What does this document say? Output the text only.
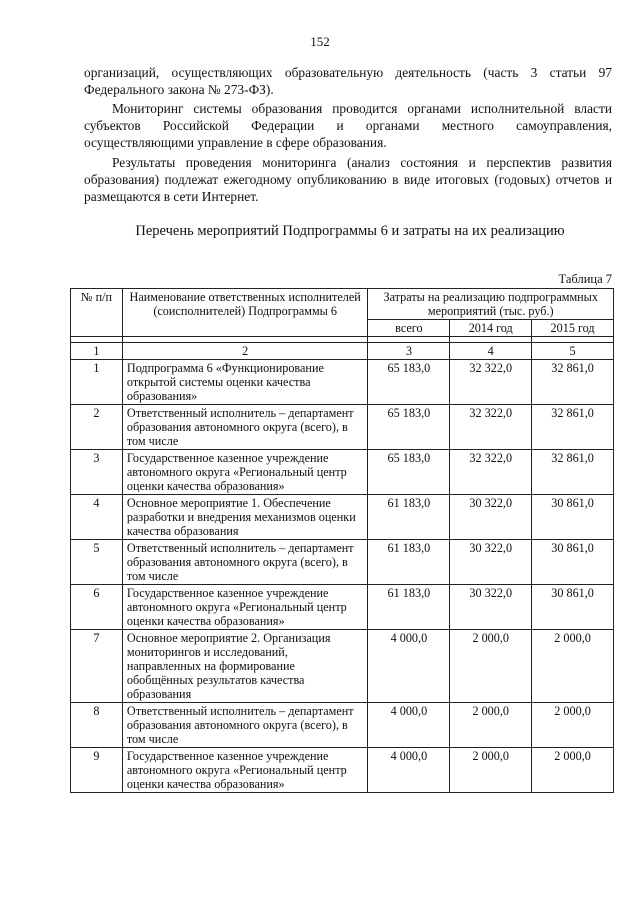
152
организаций, осуществляющих образовательную деятельность (часть 3 статьи 97 Федерального закона № 273-ФЗ).
Мониторинг системы образования проводится органами исполнительной власти субъектов Российской Федерации и органами местного самоуправления, осуществляющими управление в сфере образования.
Результаты проведения мониторинга (анализ состояния и перспектив развития образования) подлежат ежегодному опубликованию в виде итоговых (годовых) отчетов и размещаются в сети Интернет.
Перечень мероприятий Подпрограммы 6 и затраты на их реализацию
Таблица 7
№ п/п	Наименование ответственных исполнителей (соисполнителей) Подпрограммы 6	Затраты на реализацию подпрограммных мероприятий (тыс. руб.)		
		всего	2014 год	2015 год

1	2	3	4	5
1	Подпрограмма 6 «Функционирование открытой системы оценки качества образования»	65 183,0	32 322,0	32 861,0
2	Ответственный исполнитель – департамент образования автономного округа (всего), в том числе	65 183,0	32 322,0	32 861,0
3	Государственное казенное учреждение автономного округа «Региональный центр оценки качества образования»	65 183,0	32 322,0	32 861,0
4	Основное мероприятие 1. Обеспечение разработки и внедрения механизмов оценки качества образования	61 183,0	30 322,0	30 861,0
5	Ответственный исполнитель – департамент образования автономного округа (всего), в том числе	61 183,0	30 322,0	30 861,0
6	Государственное казенное учреждение автономного округа «Региональный центр оценки качества образования»	61 183,0	30 322,0	30 861,0
7	Основное мероприятие 2. Организация мониторингов и исследований, направленных на формирование обобщённых результатов качества образования	4 000,0	2 000,0	2 000,0
8	Ответственный исполнитель – департамент образования автономного округа (всего), в том числе	4 000,0	2 000,0	2 000,0
9	Государственное казенное учреждение автономного округа «Региональный центр оценки качества образования»	4 000,0	2 000,0	2 000,0
